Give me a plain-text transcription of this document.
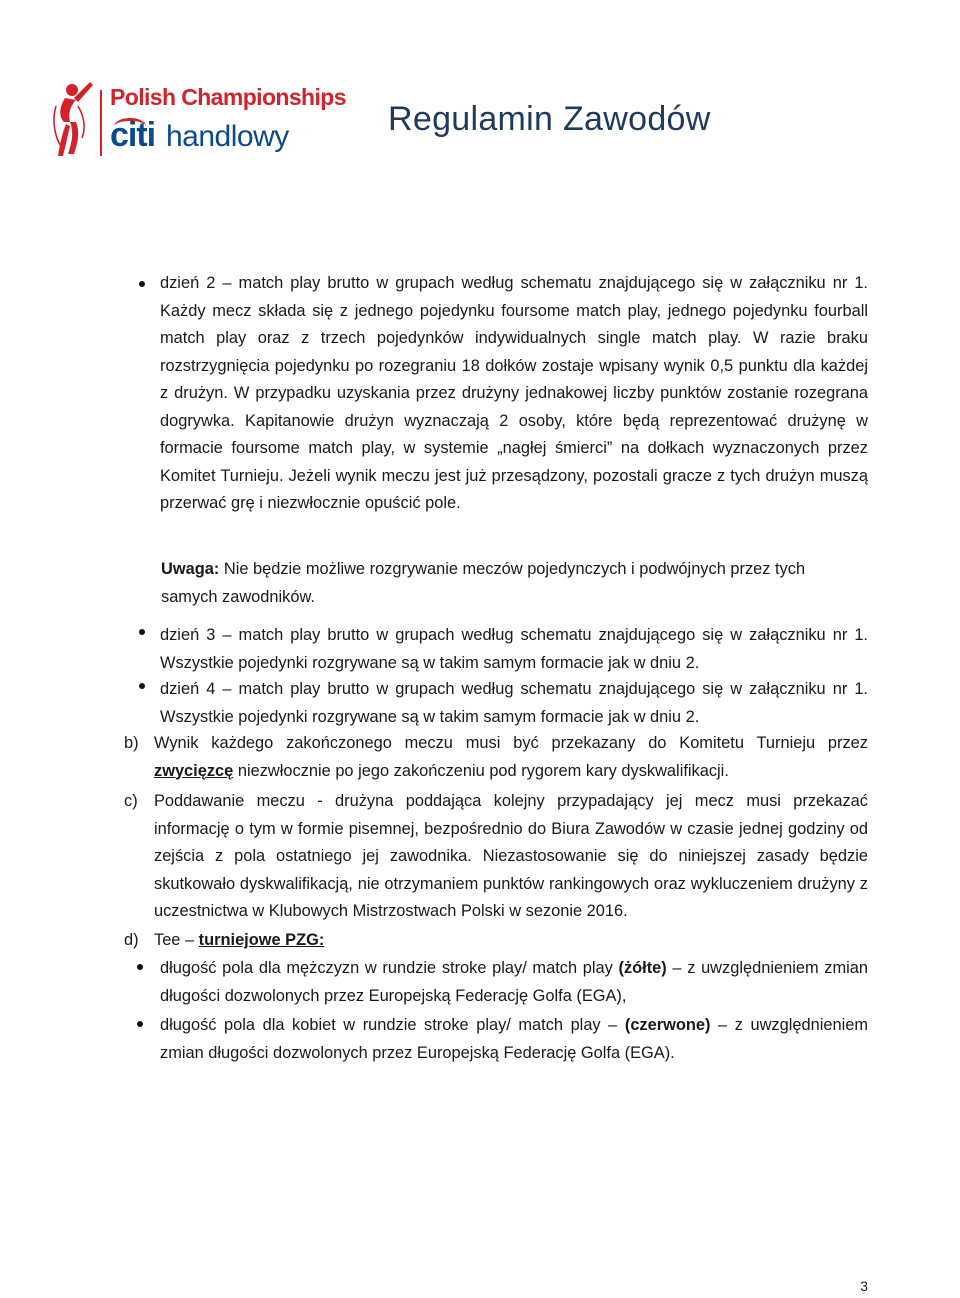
Polish Championships
citi handlowy	Regulamin Zawodów

dzień 2 – match play brutto w grupach według schematu znajdującego się w załączniku nr 1. Każdy mecz składa się z jednego pojedynku foursome match play, jednego pojedynku fourball match play oraz z trzech pojedynków indywidualnych single match play. W razie braku rozstrzygnięcia pojedynku po rozegraniu 18 dołków zostaje wpisany wynik 0,5 punktu dla każdej z drużyn. W przypadku uzyskania przez drużyny jednakowej liczby punktów zostanie rozegrana dogrywka. Kapitanowie drużyn wyznaczają 2 osoby, które będą reprezentować drużynę w formacie foursome match play, w systemie „nagłej śmierci” na dołkach wyznaczonych przez Komitet Turnieju. Jeżeli wynik meczu jest już przesądzony, pozostali gracze z tych drużyn muszą przerwać grę i niezwłocznie opuścić pole.

Uwaga: Nie będzie możliwe rozgrywanie meczów pojedynczych i podwójnych przez tych samych zawodników.

dzień 3 – match play brutto w grupach według schematu znajdującego się w załączniku nr 1. Wszystkie pojedynki rozgrywane są w takim samym formacie jak w dniu 2.

dzień 4 – match play brutto w grupach według schematu znajdującego się w załączniku nr 1. Wszystkie pojedynki rozgrywane są w takim samym formacie jak w dniu 2.

b) Wynik każdego zakończonego meczu musi być przekazany do Komitetu Turnieju przez zwycięzcę niezwłocznie po jego zakończeniu pod rygorem kary dyskwalifikacji.

c) Poddawanie meczu - drużyna poddająca kolejny przypadający jej mecz musi przekazać informację o tym w formie pisemnej, bezpośrednio do Biura Zawodów w czasie jednej godziny od zejścia z pola ostatniego jej zawodnika. Niezastosowanie się do niniejszej zasady będzie skutkowało dyskwalifikacją, nie otrzymaniem punktów rankingowych oraz wykluczeniem drużyny z uczestnictwa w Klubowych Mistrzostwach Polski w sezonie 2016.

d) Tee – turniejowe PZG:

długość pola dla mężczyzn w rundzie stroke play/ match play (żółte) – z uwzględnieniem zmian długości dozwolonych przez Europejską Federację Golfa (EGA),

długość pola dla kobiet w rundzie stroke play/ match play – (czerwone) – z uwzględnieniem zmian długości dozwolonych przez Europejską Federację Golfa (EGA).

3
